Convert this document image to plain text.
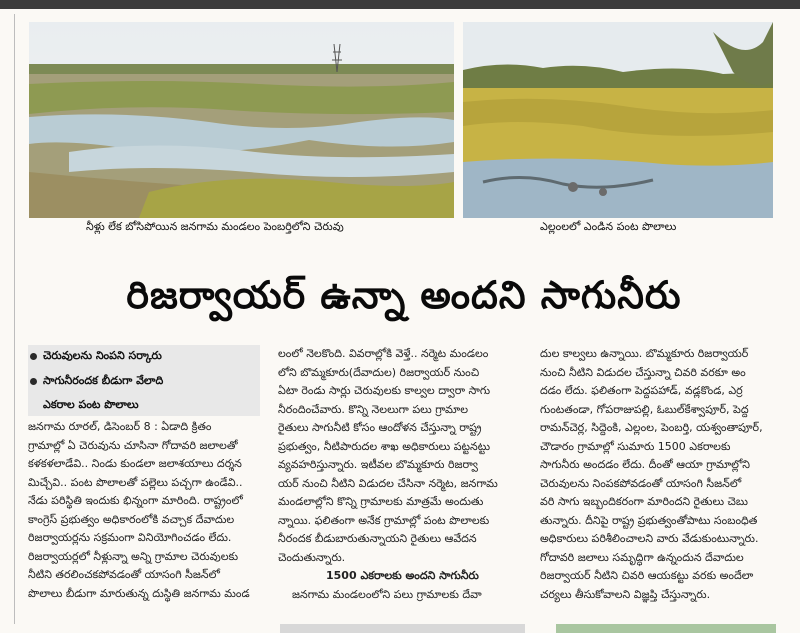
నీళ్లు లేక బోసిపోయిన జనగామ మండలం పెంబర్తిలోని చెరువు	ఎల్లంలలో ఎండిన పంట పొలాలు
రిజర్వాయర్ ఉన్నా అందని సాగునీరు
చెరువులను నింపని సర్కారు
సాగునీరందక బీడుగా వేలాది
ఎకరాల పంట పొలాలు

జనగామ రూరల్, డిసెంబర్ 8 : ఏడాది క్రితం

గ్రామాల్లో ఏ చెరువును చూసినా గోదావరి జలాలతో

కళకళలాడేవి.. నిండు కుండలా జలాశయాలు దర్శన

మిచ్చేవి.. పంట పొలాలతో పల్లెలు పచ్చగా ఉండేవి..

నేడు పరిస్థితి ఇందుకు భిన్నంగా మారింది. రాష్ట్రంలో

కాంగ్రెస్ ప్రభుత్వం అధికారంలోకి వచ్చాక దేవాదుల

రిజర్వాయర్లను సక్రమంగా వినియోగించడం లేదు.

రిజర్వాయర్లలో నీళ్లున్నా అన్ని గ్రామాల చెరువులకు

నీటిని తరలించకపోవడంతో యాసంగి సీజన్‌లో

పొలాలు బీడుగా మారుతున్న దుస్థితి జనగామ మండ

లంలో నెలకొంది. వివరాల్లోకి వెళ్తే.. నర్మెట మండలం

లోని బొమ్మకూరు(దేవాదుల) రిజర్వాయర్ నుంచి

ఏటా రెండు సార్లు చెరువులకు కాల్వల ద్వారా సాగు

నీరందించేవారు. కొన్ని నెలలుగా పలు గ్రామాల

రైతులు సాగునీటి కోసం ఆందోళన చేస్తున్నా రాష్ట్ర

ప్రభుత్వం, నీటిపారుదల శాఖ అధికారులు పట్టనట్టు

వ్యవహరిస్తున్నారు. ఇటీవల బొమ్మకూరు రిజర్వా

యర్ నుంచి నీటిని విడుదల చేసినా నర్మెట, జనగామ

మండలాల్లోని కొన్ని గ్రామాలకు మాత్రమే అందుతు

న్నాయి. ఫలితంగా అనేక గ్రామాల్లో పంట పొలాలకు

నీరందక బీడుబారుతున్నాయని రైతులు ఆవేదన

చెందుతున్నారు.

1500 ఎకరాలకు అందని సాగునీరు

జనగామ మండలంలోని పలు గ్రామాలకు దేవా

దుల కాల్వలు ఉన్నాయి. బొమ్మకూరు రిజర్వాయర్

నుంచి నీటిని విడుదల చేస్తున్నా చివరి వరకూ అం

దడం లేదు. ఫలితంగా పెద్దపహాడ్, వడ్లకొండ, ఎర్ర

గుంటతండా, గోపరాజుపల్లి, ఓబుల్‌కేశ్వాపూర్, పెద్ద

రామన్‌చెర్ల, సిద్దెంకి, ఎల్లంల, పెంబర్తి, యశ్వంతాపూర్,

చౌడారం గ్రామాల్లో సుమారు 1500 ఎకరాలకు

సాగునీరు అందడం లేదు. దీంతో ఆయా గ్రామాల్లోని

చెరువులను నింపకపోవడంతో యాసంగి సీజన్‌లో

వరి సాగు ఇబ్బందికరంగా మారిందని రైతులు చెబు

తున్నారు. దీనిపై రాష్ట్ర ప్రభుత్వంతోపాటు సంబంధిత

అధికారులు పరిశీలించాలని వారు వేడుకుంటున్నారు.

గోదావరి జలాలు సమృద్ధిగా ఉన్నందున దేవాదుల

రిజర్వాయర్ నీటిని చివరి ఆయకట్టు వరకు అందేలా

చర్యలు తీసుకోవాలని విజ్ఞప్తి చేస్తున్నారు.
